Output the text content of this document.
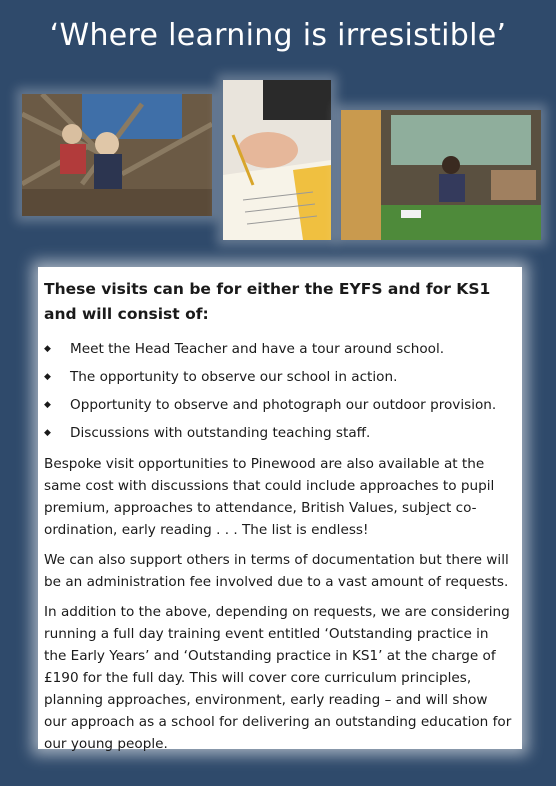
‘Where learning is irresistible’
These visits can be for either the EYFS and for KS1 and will consist of:
◆ Meet the Head Teacher and have a tour around school.
◆ The opportunity to observe our school in action.
◆ Opportunity to observe and photograph our outdoor provision.
◆ Discussions with outstanding teaching staff.

Bespoke visit opportunities to Pinewood are also available at the same cost with discussions that could include approaches to pupil premium, approaches to attendance, British Values, subject co-ordination, early reading . . . The list is endless!

We can also support others in terms of documentation but there will be an administration fee involved due to a vast amount of requests.

In addition to the above, depending on requests, we are considering running a full day training event entitled ‘Outstanding practice in the Early Years’ and ‘Outstanding practice in KS1’ at the charge of £190 for the full day. This will cover core curriculum principles, planning approaches, environment, early reading – and will show our approach as a school for delivering an outstanding education for our young people.
